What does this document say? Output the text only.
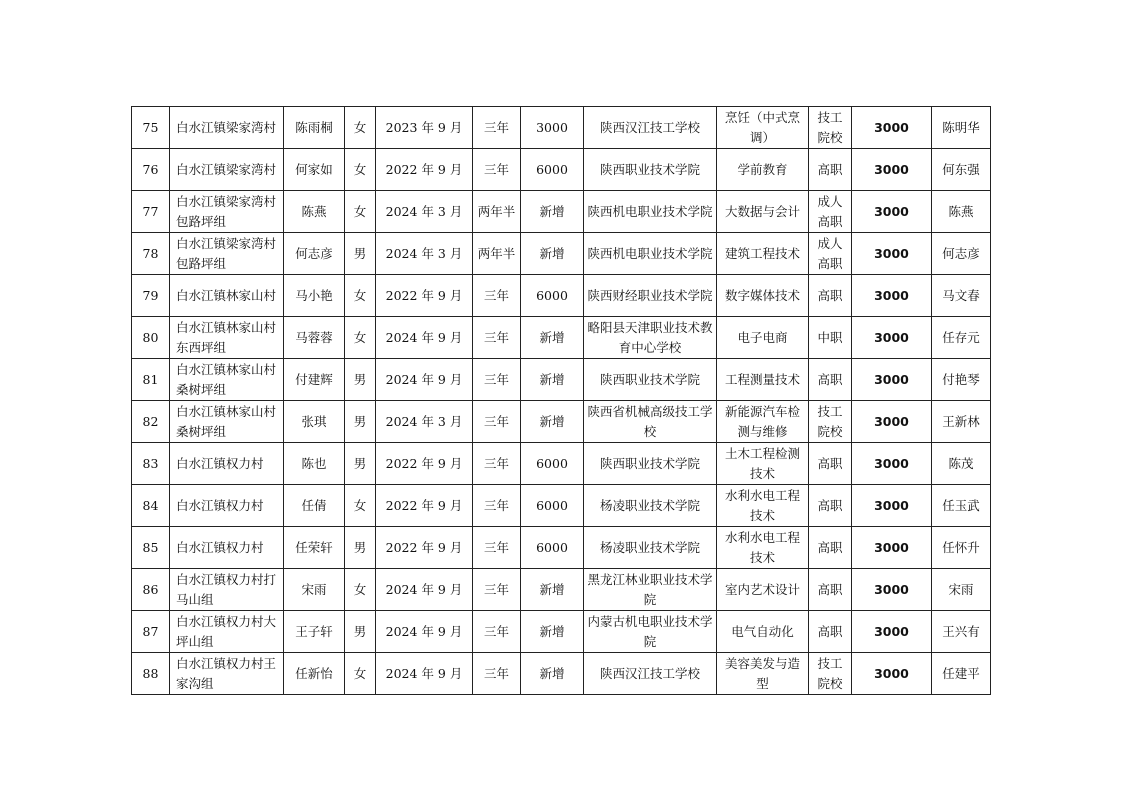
75	白水江镇梁家湾村	陈雨桐	女	2023 年 9 月	三年	3000	陕西汉江技工学校	烹饪（中式烹调）	技工院校	3000	陈明华
76	白水江镇梁家湾村	何家如	女	2022 年 9 月	三年	6000	陕西职业技术学院	学前教育	高职	3000	何东强
77	白水江镇梁家湾村包路坪组	陈燕	女	2024 年 3 月	两年半	新增	陕西机电职业技术学院	大数据与会计	成人高职	3000	陈燕
78	白水江镇梁家湾村包路坪组	何志彦	男	2024 年 3 月	两年半	新增	陕西机电职业技术学院	建筑工程技术	成人高职	3000	何志彦
79	白水江镇林家山村	马小艳	女	2022 年 9 月	三年	6000	陕西财经职业技术学院	数字媒体技术	高职	3000	马文春
80	白水江镇林家山村东西坪组	马蓉蓉	女	2024 年 9 月	三年	新增	略阳县天津职业技术教育中心学校	电子电商	中职	3000	任存元
81	白水江镇林家山村桑树坪组	付建辉	男	2024 年 9 月	三年	新增	陕西职业技术学院	工程测量技术	高职	3000	付艳琴
82	白水江镇林家山村桑树坪组	张琪	男	2024 年 3 月	三年	新增	陕西省机械高级技工学校	新能源汽车检测与维修	技工院校	3000	王新林
83	白水江镇权力村	陈也	男	2022 年 9 月	三年	6000	陕西职业技术学院	土木工程检测技术	高职	3000	陈茂
84	白水江镇权力村	任倩	女	2022 年 9 月	三年	6000	杨凌职业技术学院	水利水电工程技术	高职	3000	任玉武
85	白水江镇权力村	任荣轩	男	2022 年 9 月	三年	6000	杨凌职业技术学院	水利水电工程技术	高职	3000	任怀升
86	白水江镇权力村打马山组	宋雨	女	2024 年 9 月	三年	新增	黑龙江林业职业技术学院	室内艺术设计	高职	3000	宋雨
87	白水江镇权力村大坪山组	王子轩	男	2024 年 9 月	三年	新增	内蒙古机电职业技术学院	电气自动化	高职	3000	王兴有
88	白水江镇权力村王家沟组	任新怡	女	2024 年 9 月	三年	新增	陕西汉江技工学校	美容美发与造型	技工院校	3000	任建平
